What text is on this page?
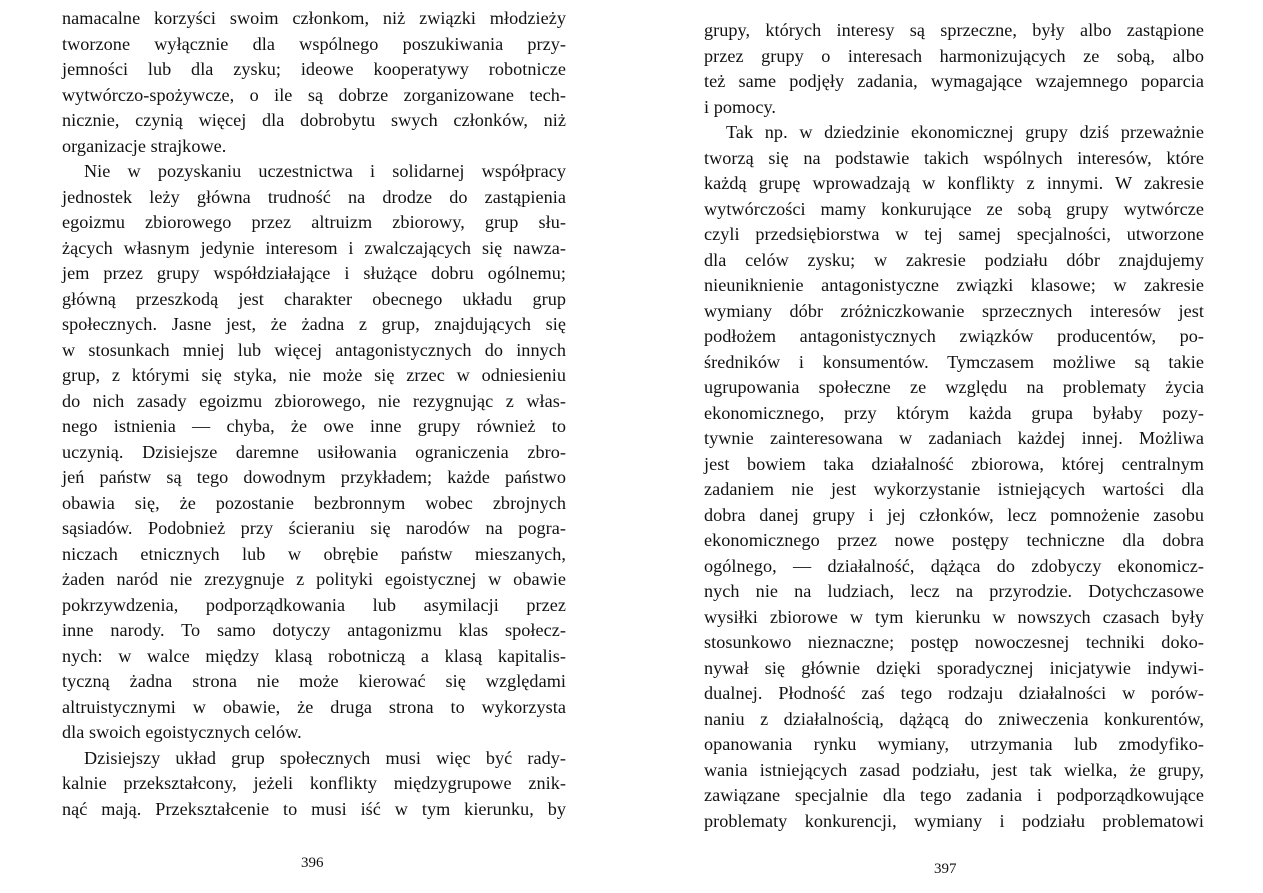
namacalne korzyści swoim członkom, niż związki młodzieży
tworzone wyłącznie dla wspólnego poszukiwania przy-
jemności lub dla zysku; ideowe kooperatywy robotnicze
wytwórczo-spożywcze, o ile są dobrze zorganizowane tech-
nicznie, czynią więcej dla dobrobytu swych członków, niż
organizacje strajkowe.
Nie w pozyskaniu uczestnictwa i solidarnej współpracy
jednostek leży główna trudność na drodze do zastąpienia
egoizmu zbiorowego przez altruizm zbiorowy, grup słu-
żących własnym jedynie interesom i zwalczających się nawza-
jem przez grupy współdziałające i służące dobru ogólnemu;
główną przeszkodą jest charakter obecnego układu grup
społecznych. Jasne jest, że żadna z grup, znajdujących się
w stosunkach mniej lub więcej antagonistycznych do innych
grup, z którymi się styka, nie może się zrzec w odniesieniu
do nich zasady egoizmu zbiorowego, nie rezygnując z włas-
nego istnienia — chyba, że owe inne grupy również to
uczynią. Dzisiejsze daremne usiłowania ograniczenia zbro-
jeń państw są tego dowodnym przykładem; każde państwo
obawia się, że pozostanie bezbronnym wobec zbrojnych
sąsiadów. Podobnież przy ścieraniu się narodów na pogra-
niczach etnicznych lub w obrębie państw mieszanych,
żaden naród nie zrezygnuje z polityki egoistycznej w obawie
pokrzywdzenia, podporządkowania lub asymilacji przez
inne narody. To samo dotyczy antagonizmu klas społecz-
nych: w walce między klasą robotniczą a klasą kapitalis-
tyczną żadna strona nie może kierować się względami
altruistycznymi w obawie, że druga strona to wykorzysta
dla swoich egoistycznych celów.
Dzisiejszy układ grup społecznych musi więc być rady-
kalnie przekształcony, jeżeli konflikty międzygrupowe znik-
nąć mają. Przekształcenie to musi iść w tym kierunku, by
396
grupy, których interesy są sprzeczne, były albo zastąpione
przez grupy o interesach harmonizujących ze sobą, albo
też same podjęły zadania, wymagające wzajemnego poparcia
i pomocy.
Tak np. w dziedzinie ekonomicznej grupy dziś przeważnie
tworzą się na podstawie takich wspólnych interesów, które
każdą grupę wprowadzają w konflikty z innymi. W zakresie
wytwórczości mamy konkurujące ze sobą grupy wytwórcze
czyli przedsiębiorstwa w tej samej specjalności, utworzone
dla celów zysku; w zakresie podziału dóbr znajdujemy
nieuniknienie antagonistyczne związki klasowe; w zakresie
wymiany dóbr zróżniczkowanie sprzecznych interesów jest
podłożem antagonistycznych związków producentów, po-
średników i konsumentów. Tymczasem możliwe są takie
ugrupowania społeczne ze względu na problematy życia
ekonomicznego, przy którym każda grupa byłaby pozy-
tywnie zainteresowana w zadaniach każdej innej. Możliwa
jest bowiem taka działalność zbiorowa, której centralnym
zadaniem nie jest wykorzystanie istniejących wartości dla
dobra danej grupy i jej członków, lecz pomnożenie zasobu
ekonomicznego przez nowe postępy techniczne dla dobra
ogólnego, — działalność, dążąca do zdobyczy ekonomicz-
nych nie na ludziach, lecz na przyrodzie. Dotychczasowe
wysiłki zbiorowe w tym kierunku w nowszych czasach były
stosunkowo nieznaczne; postęp nowoczesnej techniki doko-
nywał się głównie dzięki sporadycznej inicjatywie indywi-
dualnej. Płodność zaś tego rodzaju działalności w porów-
naniu z działalnością, dążącą do zniweczenia konkurentów,
opanowania rynku wymiany, utrzymania lub zmodyfiko-
wania istniejących zasad podziału, jest tak wielka, że grupy,
zawiązane specjalnie dla tego zadania i podporządkowujące
problematy konkurencji, wymiany i podziału problematowi
397
